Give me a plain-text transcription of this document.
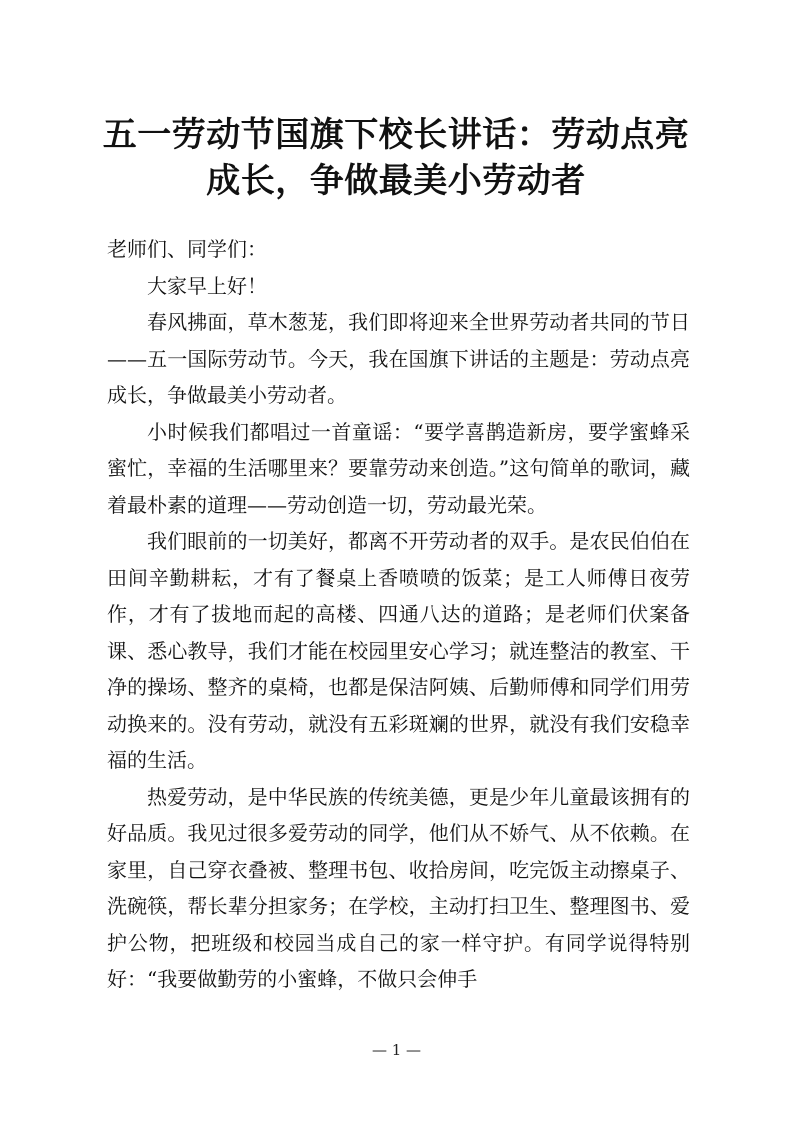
五一劳动节国旗下校长讲话：劳动点亮成长，争做最美小劳动者

老师们、同学们：

大家早上好！

春风拂面，草木葱茏，我们即将迎来全世界劳动者共同的节日——五一国际劳动节。今天，我在国旗下讲话的主题是：劳动点亮成长，争做最美小劳动者。

小时候我们都唱过一首童谣：“要学喜鹊造新房，要学蜜蜂采蜜忙，幸福的生活哪里来？要靠劳动来创造。”这句简单的歌词，藏着最朴素的道理——劳动创造一切，劳动最光荣。

我们眼前的一切美好，都离不开劳动者的双手。是农民伯伯在田间辛勤耕耘，才有了餐桌上香喷喷的饭菜；是工人师傅日夜劳作，才有了拔地而起的高楼、四通八达的道路；是老师们伏案备课、悉心教导，我们才能在校园里安心学习；就连整洁的教室、干净的操场、整齐的桌椅，也都是保洁阿姨、后勤师傅和同学们用劳动换来的。没有劳动，就没有五彩斑斓的世界，就没有我们安稳幸福的生活。

热爱劳动，是中华民族的传统美德，更是少年儿童最该拥有的好品质。我见过很多爱劳动的同学，他们从不娇气、从不依赖。在家里，自己穿衣叠被、整理书包、收拾房间，吃完饭主动擦桌子、洗碗筷，帮长辈分担家务；在学校，主动打扫卫生、整理图书、爱护公物，把班级和校园当成自己的家一样守护。有同学说得特别好：“我要做勤劳的小蜜蜂，不做只会伸手

— 1 —
